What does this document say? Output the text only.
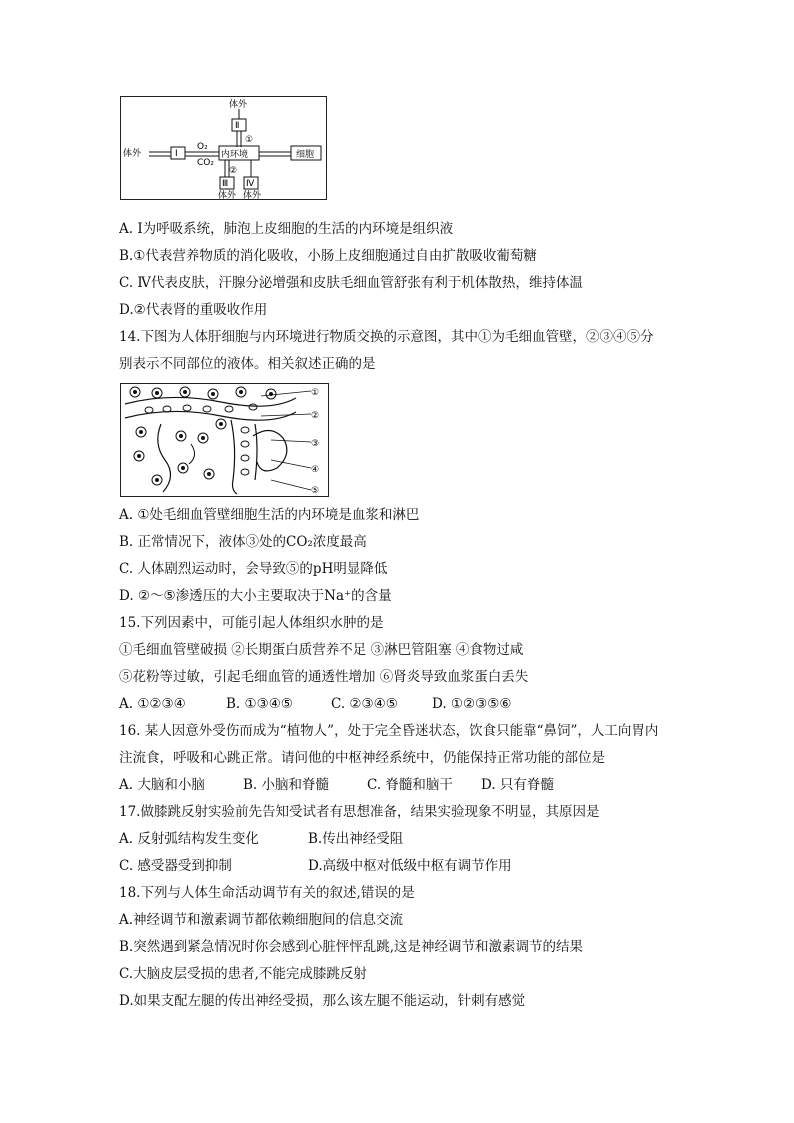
体外
Ⅱ
①
体外	Ⅰ
O₂
CO₂
内环境	细胞
②
Ⅲ Ⅳ
体外 体外
A. Ⅰ为呼吸系统，肺泡上皮细胞的生活的内环境是组织液
B.①代表营养物质的消化吸收，小肠上皮细胞通过自由扩散吸收葡萄糖
C. Ⅳ代表皮肤，汗腺分泌增强和皮肤毛细血管舒张有利于机体散热，维持体温
D.②代表肾的重吸收作用
14.下图为人体肝细胞与内环境进行物质交换的示意图，其中①为毛细血管壁，②③④⑤分
别表示不同部位的液体。相关叙述正确的是
①
②
③
④
⑤
A. ①处毛细血管壁细胞生活的内环境是血浆和淋巴
B. 正常情况下，液体③处的CO₂浓度最高
C. 人体剧烈运动时，会导致⑤的pH明显降低
D. ②～⑤渗透压的大小主要取决于Na⁺的含量
15.下列因素中，可能引起人体组织水肿的是
①毛细血管壁破损 ②长期蛋白质营养不足 ③淋巴管阻塞 ④食物过咸
⑤花粉等过敏，引起毛细血管的通透性增加 ⑥肾炎导致血浆蛋白丢失
A. ①②③④	B. ①③④⑤	C. ②③④⑤	D. ①②③⑤⑥
16. 某人因意外受伤而成为“植物人”，处于完全昏迷状态，饮食只能靠“鼻饲”，人工向胃内
注流食，呼吸和心跳正常。请问他的中枢神经系统中，仍能保持正常功能的部位是
A. 大脑和小脑	B. 小脑和脊髓	C. 脊髓和脑干 D. 只有脊髓
17.做膝跳反射实验前先告知受试者有思想准备，结果实验现象不明显，其原因是
A. 反射弧结构发生变化	B.传出神经受阻
C. 感受器受到抑制	D.高级中枢对低级中枢有调节作用
18.下列与人体生命活动调节有关的叙述,错误的是
A.神经调节和激素调节都依赖细胞间的信息交流
B.突然遇到紧急情况时你会感到心脏怦怦乱跳,这是神经调节和激素调节的结果
C.大脑皮层受损的患者,不能完成膝跳反射
D.如果支配左腿的传出神经受损，那么该左腿不能运动，针刺有感觉
